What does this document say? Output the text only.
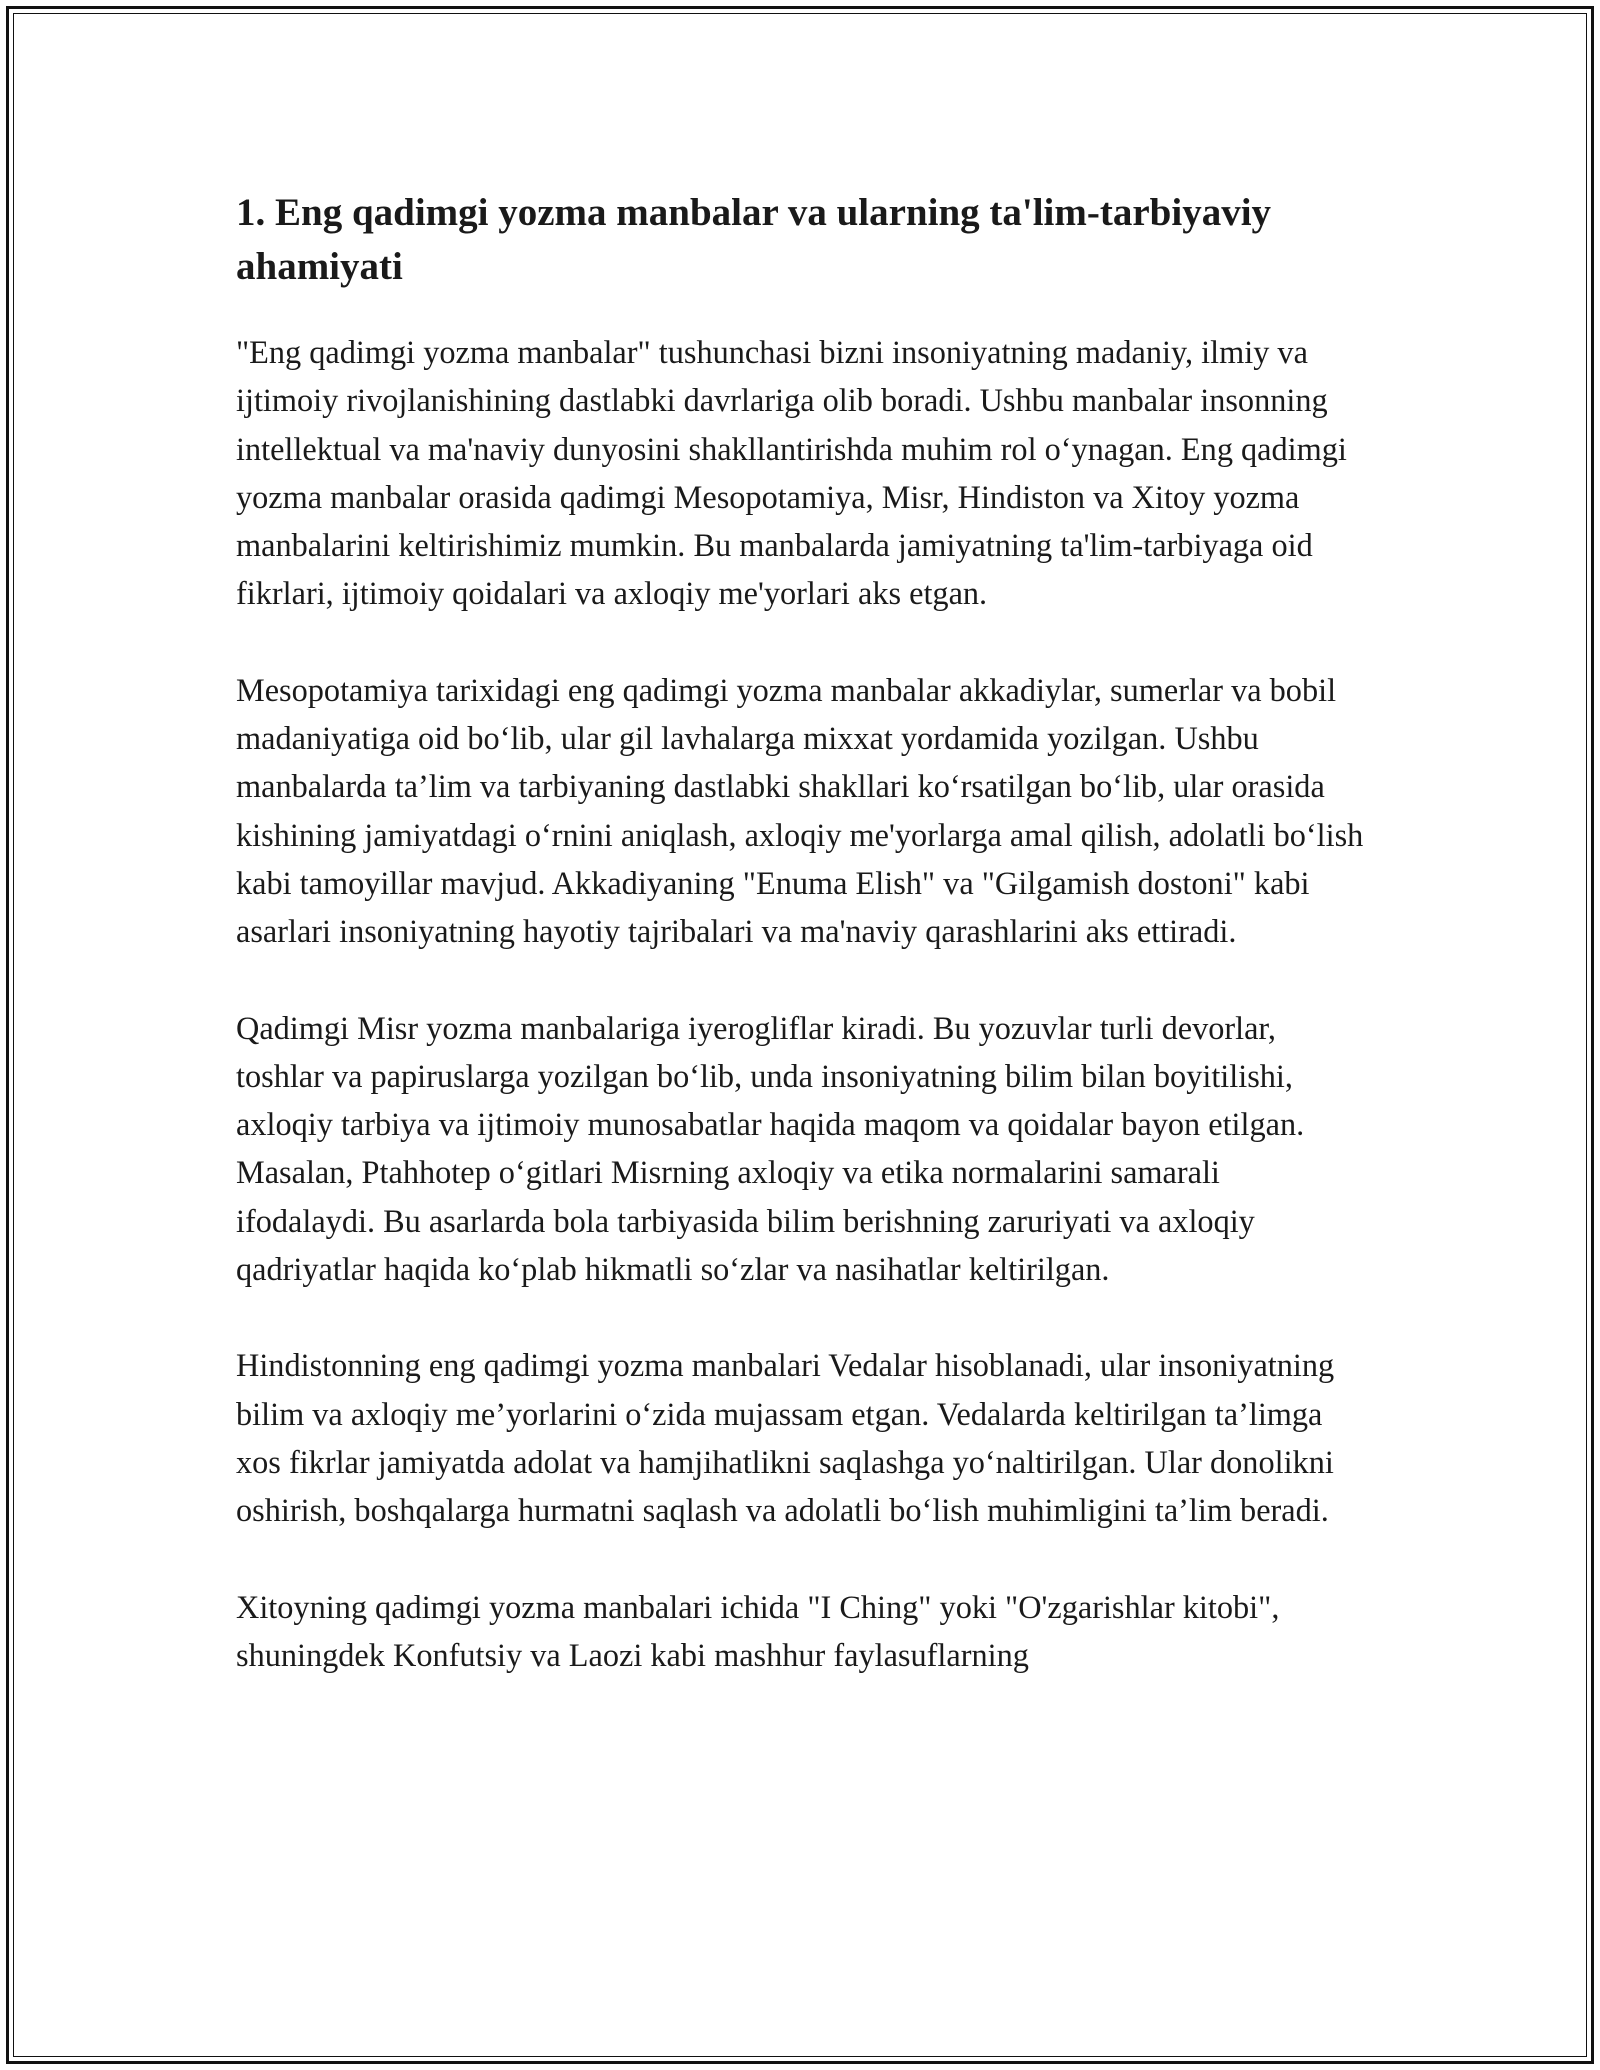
1. Eng qadimgi yozma manbalar va ularning ta'lim-tarbiyaviy ahamiyati

"Eng qadimgi yozma manbalar" tushunchasi bizni insoniyatning madaniy, ilmiy va ijtimoiy rivojlanishining dastlabki davrlariga olib boradi. Ushbu manbalar insonning intellektual va ma'naviy dunyosini shakllantirishda muhim rol o‘ynagan. Eng qadimgi yozma manbalar orasida qadimgi Mesopotamiya, Misr, Hindiston va Xitoy yozma manbalarini keltirishimiz mumkin. Bu manbalarda jamiyatning ta'lim-tarbiyaga oid fikrlari, ijtimoiy qoidalari va axloqiy me'yorlari aks etgan.

Mesopotamiya tarixidagi eng qadimgi yozma manbalar akkadiylar, sumerlar va bobil madaniyatiga oid bo‘lib, ular gil lavhalarga mixxat yordamida yozilgan. Ushbu manbalarda ta’lim va tarbiyaning dastlabki shakllari ko‘rsatilgan bo‘lib, ular orasida kishining jamiyatdagi o‘rnini aniqlash, axloqiy me'yorlarga amal qilish, adolatli bo‘lish kabi tamoyillar mavjud. Akkadiyaning "Enuma Elish" va "Gilgamish dostoni" kabi asarlari insoniyatning hayotiy tajribalari va ma'naviy qarashlarini aks ettiradi.

Qadimgi Misr yozma manbalariga iyerogliflar kiradi. Bu yozuvlar turli devorlar, toshlar va papiruslarga yozilgan bo‘lib, unda insoniyatning bilim bilan boyitilishi, axloqiy tarbiya va ijtimoiy munosabatlar haqida maqom va qoidalar bayon etilgan. Masalan, Ptahhotep o‘gitlari Misrning axloqiy va etika normalarini samarali ifodalaydi. Bu asarlarda bola tarbiyasida bilim berishning zaruriyati va axloqiy qadriyatlar haqida ko‘plab hikmatli so‘zlar va nasihatlar keltirilgan.

Hindistonning eng qadimgi yozma manbalari Vedalar hisoblanadi, ular insoniyatning bilim va axloqiy me’yorlarini o‘zida mujassam etgan. Vedalarda keltirilgan ta’limga xos fikrlar jamiyatda adolat va hamjihatlikni saqlashga yo‘naltirilgan. Ular donolikni oshirish, boshqalarga hurmatni saqlash va adolatli bo‘lish muhimligini ta’lim beradi.

Xitoyning qadimgi yozma manbalari ichida "I Ching" yoki "O'zgarishlar kitobi", shuningdek Konfutsiy va Laozi kabi mashhur faylasuflarning
